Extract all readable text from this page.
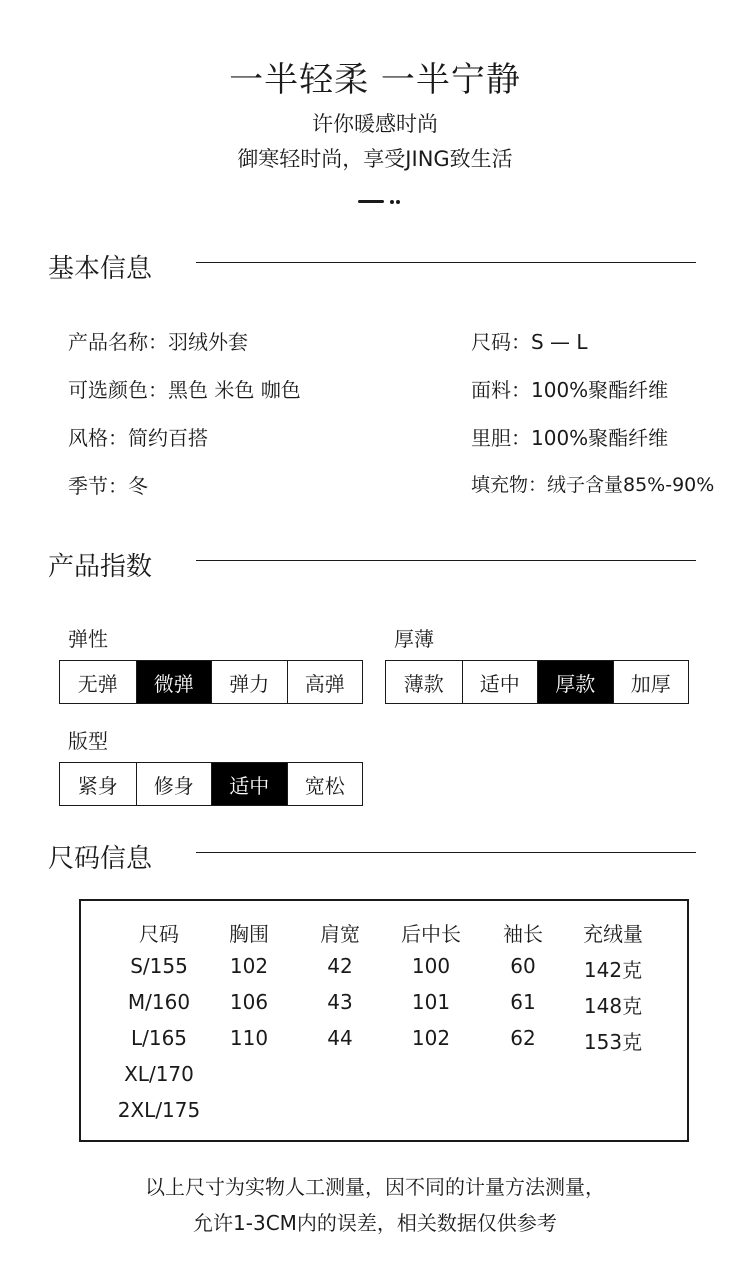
一半轻柔 一半宁静
许你暖感时尚
御寒轻时尚，享受JING致生活
基本信息
产品名称：羽绒外套
可选颜色：黑色 米色 咖色
风格：简约百搭
季节：冬
尺码：S — L
面料：100%聚酯纤维
里胆：100%聚酯纤维
填充物：绒子含量85%-90%
产品指数
弹性
无弹	微弹	弹力	高弹
厚薄
薄款	适中	厚款	加厚
版型
紧身	修身	适中	宽松
尺码信息
尺码	胸围	肩宽	后中长	袖长	充绒量
S/155	102	42	100	60	142克
M/160	106	43	101	61	148克
L/165	110	44	102	62	153克
XL/170
2XL/175
以上尺寸为实物人工测量，因不同的计量方法测量，
允许1-3CM内的误差，相关数据仅供参考
